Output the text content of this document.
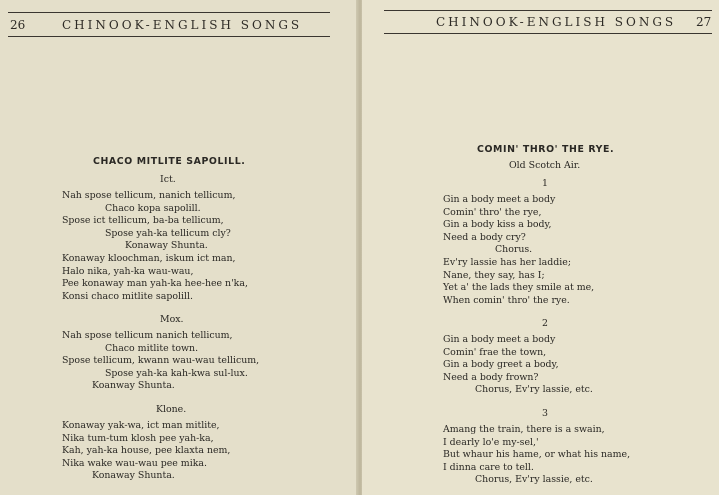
26	CHINOOK-ENGLISH SONGS
CHACO MITLITE SAPOLILL.
Ict.
Nah spose tellicum, nanich tellicum,
Chaco kopa sapolill.
Spose ict tellicum, ba-ba tellicum,
Spose yah-ka tellicum cly?
Konaway Shunta.
Konaway kloochman, iskum ict man,
Halo nika, yah-ka wau-wau,
Pee konaway man yah-ka hee-hee n'ka,
Konsi chaco mitlite sapolill.
Mox.
Nah spose tellicum nanich tellicum,
Chaco mitlite town.
Spose tellicum, kwann wau-wau tellicum,
Spose yah-ka kah-kwa sul-lux.
Koanway Shunta.
Klone.
Konaway yak-wa, ict man mitlite,
Nika tum-tum klosh pee yah-ka,
Kah, yah-ka house, pee klaxta nem,
Nika wake wau-wau pee mika.
Konaway Shunta.
CHINOOK-ENGLISH SONGS 27
COMIN' THRO' THE RYE.
Old Scotch Air.
1
Gin a body meet a body
Comin' thro' the rye,
Gin a body kiss a body,
Need a body cry?
Chorus.
Ev'ry lassie has her laddie;
Nane, they say, has I;
Yet a' the lads they smile at me,
When comin' thro' the rye.
2
Gin a body meet a body
Comin' frae the town,
Gin a body greet a body,
Need a body frown?
Chorus, Ev'ry lassie, etc.
3
Amang the train, there is a swain,
I dearly lo'e my-sel,'
But whaur his hame, or what his name,
I dinna care to tell.
Chorus, Ev'ry lassie, etc.
